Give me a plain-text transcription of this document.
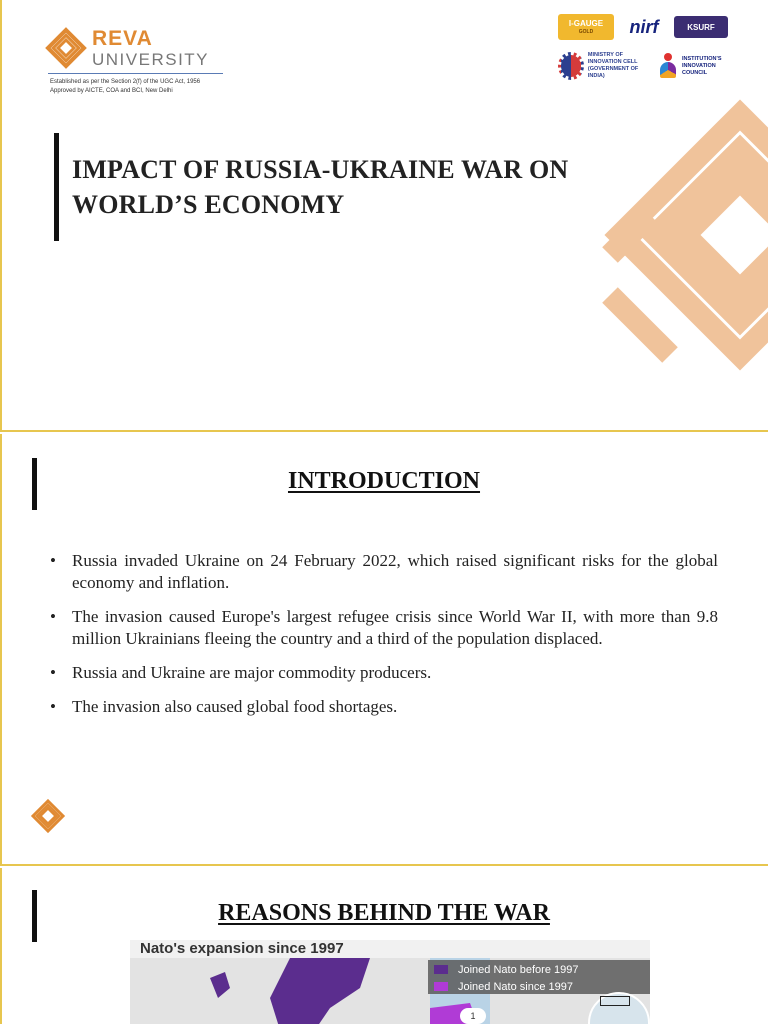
REVA
UNIVERSITY
Established as per the Section 2(f) of the UGC Act, 1956
Approved by AICTE, COA and BCI, New Delhi
I-GAUGE
GOLD	nirf	KSURF
MINISTRY OF
INNOVATION CELL
(GOVERNMENT OF INDIA)
INSTITUTION'S
INNOVATION
COUNCIL
IMPACT OF RUSSIA-UKRAINE WAR ON
WORLD’S ECONOMY
INTRODUCTION
• Russia invaded Ukraine on 24 February 2022, which raised significant risks for the global economy and inflation.
• The invasion caused Europe's largest refugee crisis since World War II, with more than 9.8 million Ukrainians fleeing the country and a third of the population displaced.
• Russia and Ukraine are major commodity producers.
• The invasion also caused global food shortages.
REASONS BEHIND THE WAR
Nato's expansion since 1997
Joined Nato before 1997
Joined Nato since 1997
1
